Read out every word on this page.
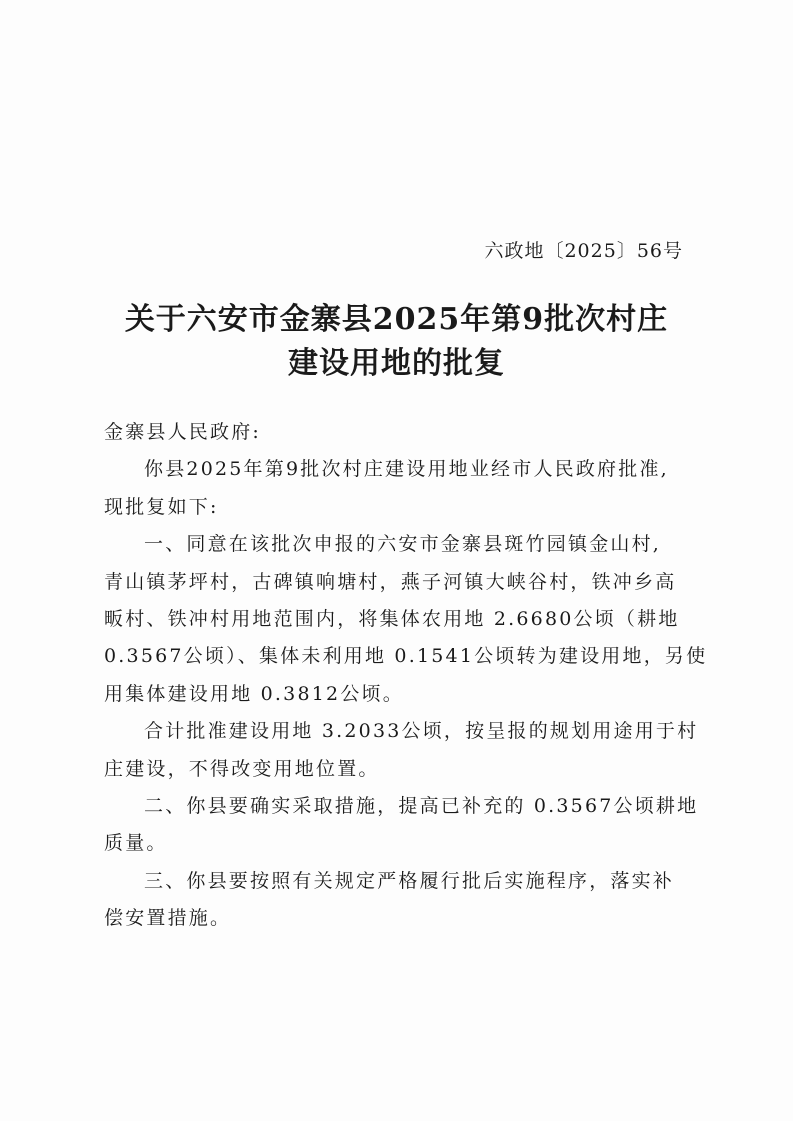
六政地〔2025〕56号
关于六安市金寨县2025年第9批次村庄
建设用地的批复
金寨县人民政府:
你县2025年第9批次村庄建设用地业经市人民政府批准,
现批复如下:
一、同意在该批次申报的六安市金寨县斑竹园镇金山村,
青山镇茅坪村，古碑镇响塘村，燕子河镇大峡谷村，铁冲乡高
畈村、铁冲村用地范围内，将集体农用地 2.6680公顷（耕地
0.3567公顷）、集体未利用地 0.1541公顷转为建设用地，另使
用集体建设用地 0.3812公顷。
合计批准建设用地 3.2033公顷，按呈报的规划用途用于村
庄建设，不得改变用地位置。
二、你县要确实采取措施，提高已补充的 0.3567公顷耕地
质量。
三、你县要按照有关规定严格履行批后实施程序，落实补
偿安置措施。
